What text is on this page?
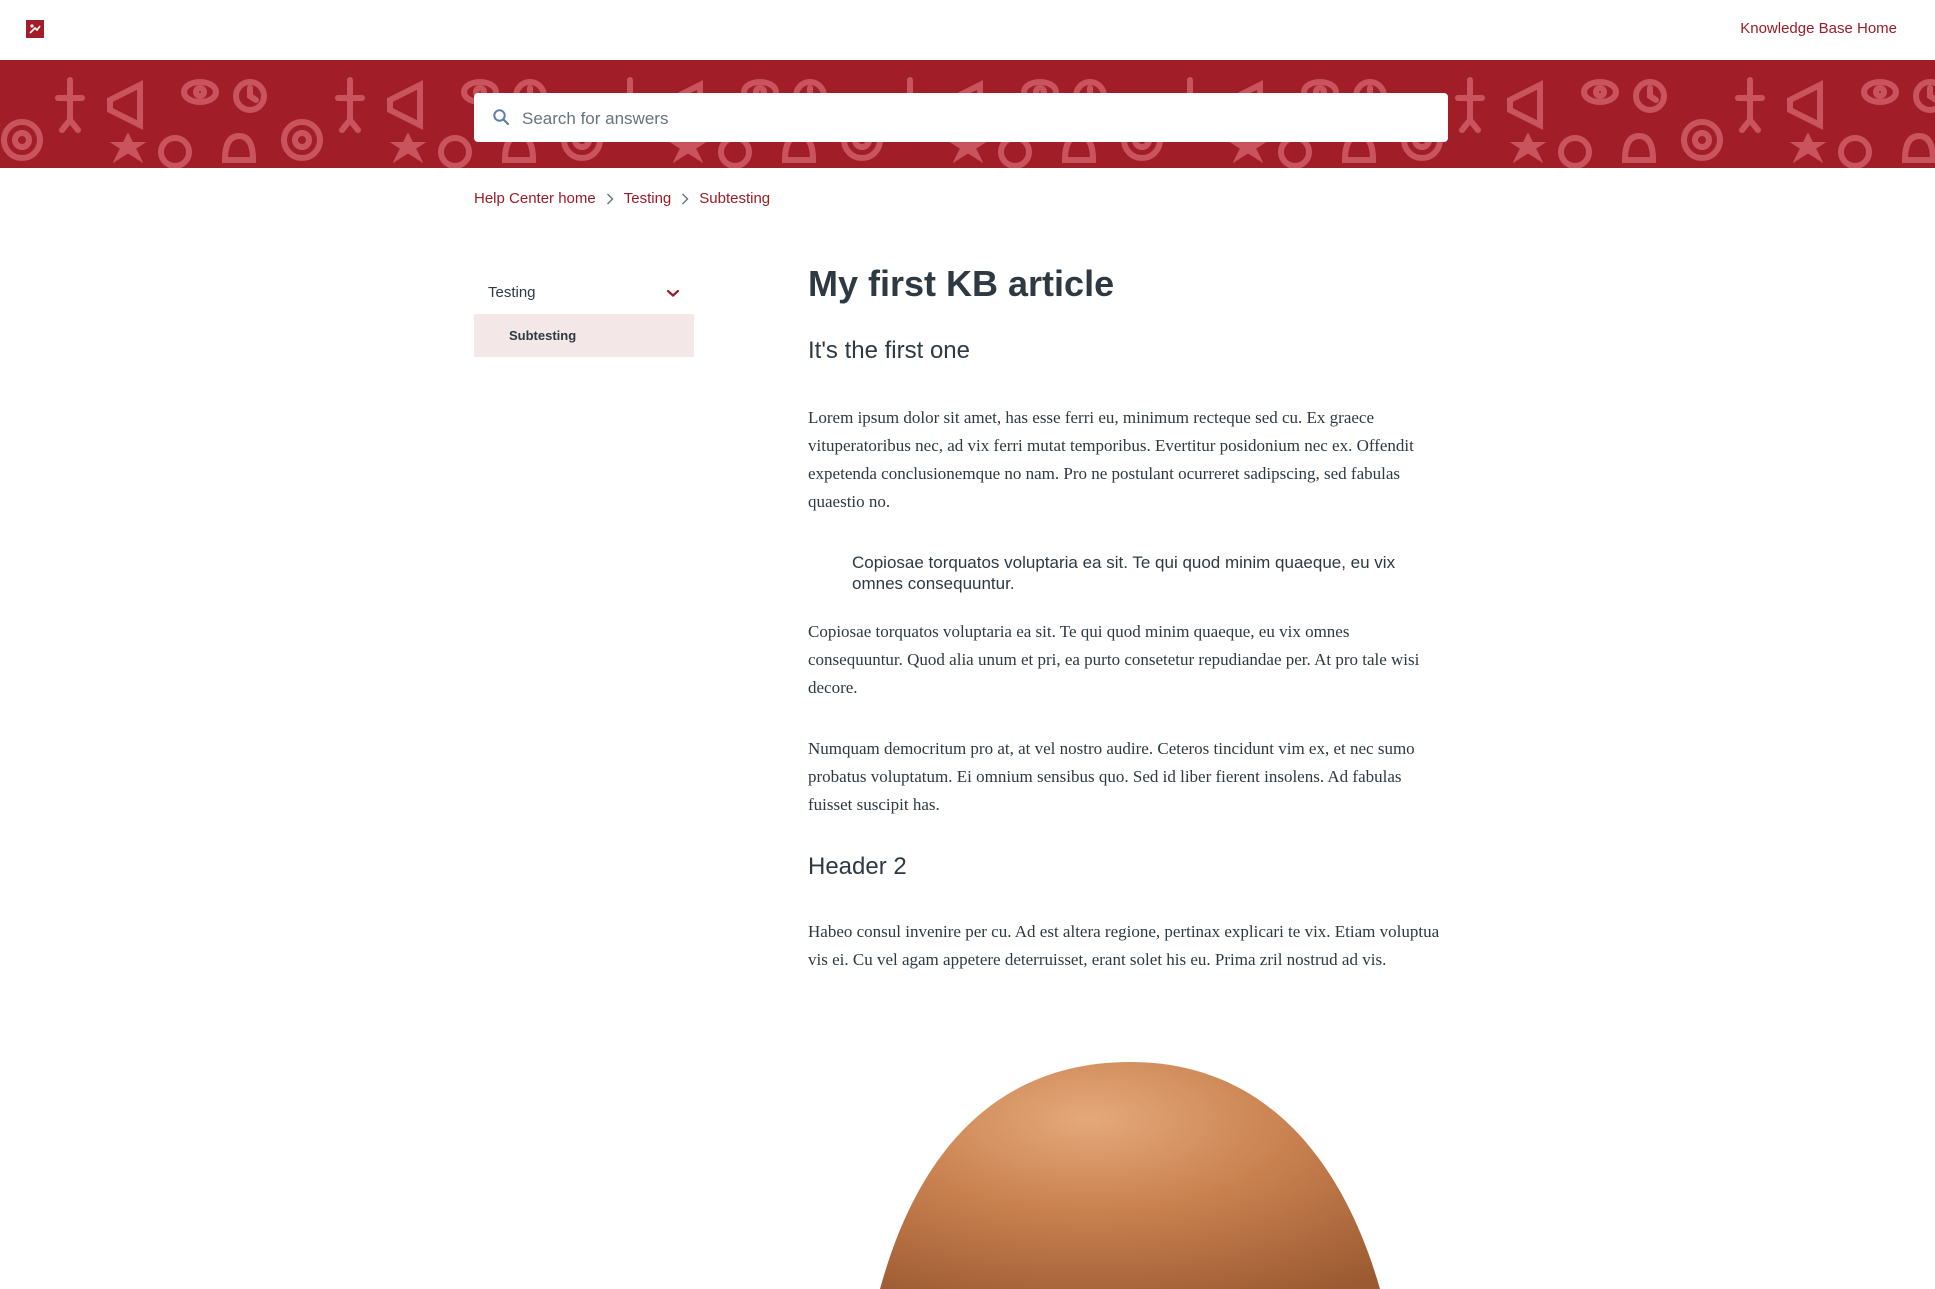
Knowledge Base Home
Search for answers
Help Center home Testing Subtesting
Testing
Subtesting
My first KB article
It's the first one

Lorem ipsum dolor sit amet, has esse ferri eu, minimum recteque sed cu. Ex graece vituperatoribus nec, ad vix ferri mutat temporibus. Evertitur posidonium nec ex. Offendit expetenda conclusionemque no nam. Pro ne postulant ocurreret sadipscing, sed fabulas quaestio no.

Copiosae torquatos voluptaria ea sit. Te qui quod minim quaeque, eu vix omnes consequuntur.

Copiosae torquatos voluptaria ea sit. Te qui quod minim quaeque, eu vix omnes consequuntur. Quod alia unum et pri, ea purto consetetur repudiandae per. At pro tale wisi decore.

Numquam democritum pro at, at vel nostro audire. Ceteros tincidunt vim ex, et nec sumo probatus voluptatum. Ei omnium sensibus quo. Sed id liber fierent insolens. Ad fabulas fuisset suscipit has.

Header 2

Habeo consul invenire per cu. Ad est altera regione, pertinax explicari te vix. Etiam voluptua vis ei. Cu vel agam appetere deterruisset, erant solet his eu. Prima zril nostrud ad vis.
